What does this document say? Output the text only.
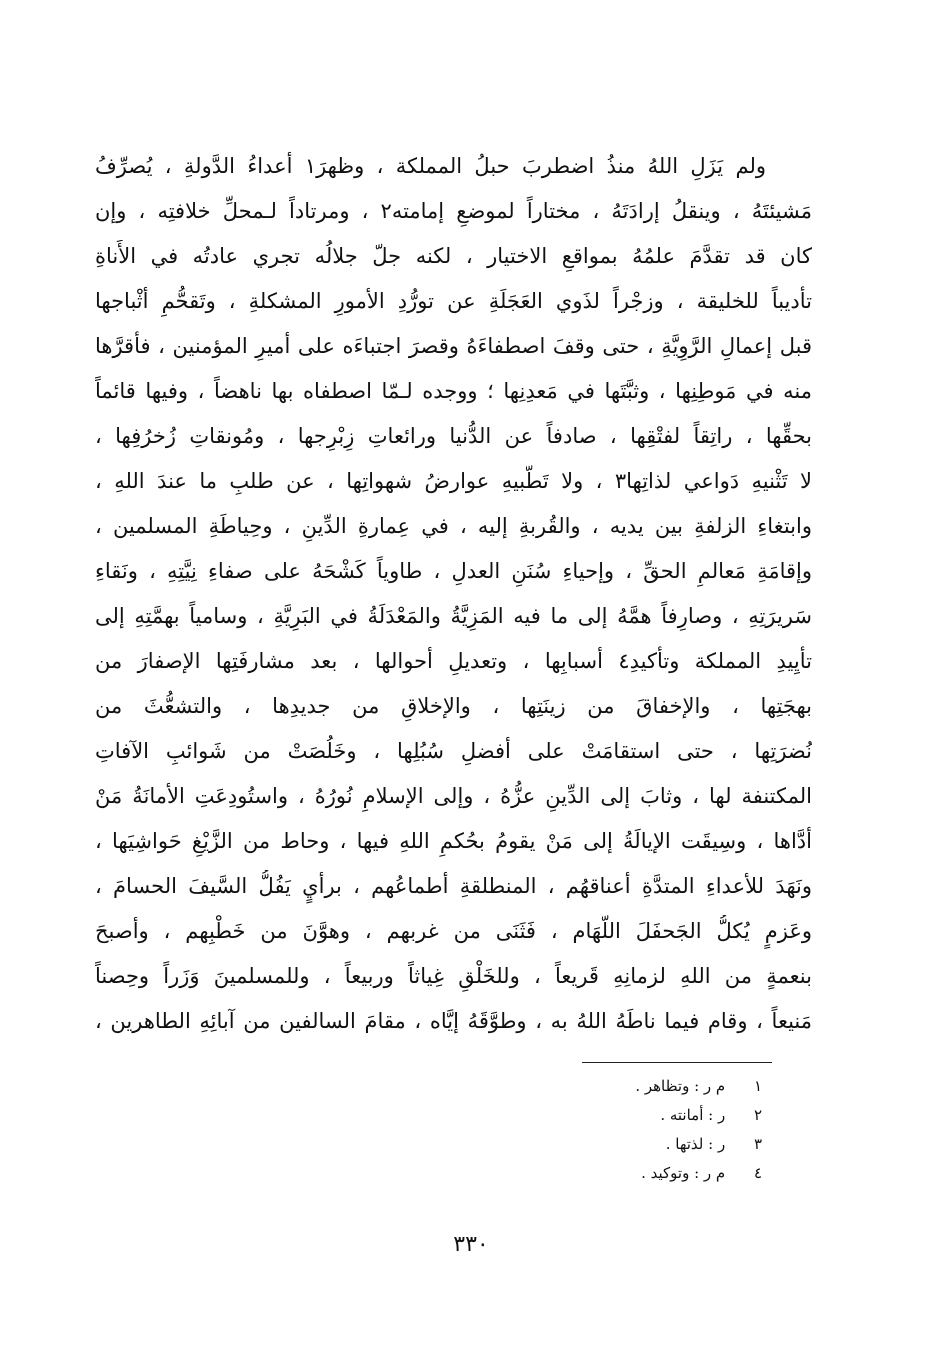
ولم يَزَلِ اللهُ منذُ اضطربَ حبلُ المملكة ، وظهرَ١ أعداءُ الدَّولةِ ، يُصرِّفُ
مَشيئتَهُ ، وينقلُ إرادَتَهُ ، مختاراً لموضعِ إمامته٢ ، ومرتاداً لـمحلِّ خلافتِه ، وإن
كان قد تقدَّمَ علمُهُ بمواقعِ الاختيار ، لكنه جلّ جلالُه تجري عادتُه في الأَناةِ
تأديباً للخليقة ، وزجْراً لذَوي العَجَلَةِ عن تورُّدِ الأمورِ المشكلةِ ، وتَقحُّمِ أثْباجها
قبل إعمالِ الرَّوِيَّةِ ، حتى وقفَ اصطفاءَهُ وقصرَ اجتباءَه على أميرِ المؤمنين ، فأقرَّها
منه في مَوطِنِها ، وثبَّتَها في مَعدِنِها ؛ ووجده لـمّا اصطفاه بها ناهضاً ، وفيها قائماً
بحقِّها ، راتِقاً لفتْقِها ، صادفاً عن الدُّنيا ورائعاتِ زِبْرِجها ، ومُونقاتِ زُخرُفِها ،
لا تَثْنيهِ دَواعي لذاتِها٣ ، ولا تَطَّبيهِ عوارضُ شهواتِها ، عن طلبِ ما عندَ اللهِ ،
وابتغاءِ الزلفةِ بين يديه ، والقُربةِ إليه ، في عِمارةِ الدِّينِ ، وحِياطَةِ المسلمين ،
وإقامَةِ مَعالمِ الحقِّ ، وإحياءِ سُنَنِ العدلِ ، طاوياً كَشْحَهُ على صفاءِ نِيَّتِهِ ، ونَقاءِ
سَريرَتِهِ ، وصارِفاً همَّهُ إلى ما فيه المَزِيَّةُ والمَعْدَلَةُ في البَرِيَّةِ ، وسامياً بهمَّتِهِ إلى
تأيِيدِ المملكة وتأكيدِ٤ أسبابِها ، وتعديلِ أحوالها ، بعد مشارفَتِها الإصفارَ من
بهجَتِها ، والإخفاقَ من زينَتِها ، والإخلاقِ من جديدِها ، والتشعُّثَ من
نُضرَتِها ، حتى استقامَتْ على أفضلِ سُبُلِها ، وخَلُصَتْ من شَوائبِ الآفاتِ
المكتنفة لها ، وثابَ إلى الدِّينِ عزُّهُ ، وإلى الإسلامِ نُورُهُ ، واستُودِعَتِ الأمانَةُ مَنْ
أدَّاها ، وسِيقَت الإيالَةُ إلى مَنْ يقومُ بحُكمِ اللهِ فيها ، وحاط من الزَّيْغِ حَواشِيَها ،
ونَهَدَ للأعداءِ المتدَّةِ أعناقهُم ، المنطلقةِ أطماعُهم ، برأيٍ يَفُلُّ السَّيفَ الحسامَ ،
وعَزمٍ يُكلُّ الجَحفَلَ اللُّهَام ، فَثَنَى من غربهم ، وهوَّنَ من خَطْبِهم ، وأصبحَ
بنعمةٍ من اللهِ لزمانِهِ قَريعاً ، وللخَلْقِ غِياثاً وربيعاً ، وللمسلمينَ وَزَراً وحِصناً
مَنيعاً ، وقام فيما ناطَهُ اللهُ به ، وطوَّقَهُ إيَّاه ، مقامَ السالفين من آبائِهِ الطاهرين ،
١ م ر : وتظاهر .
٢ ر : أمانته .
٣ ر : لذتها .
٤ م ر : وتوكيد .
٣٣٠
